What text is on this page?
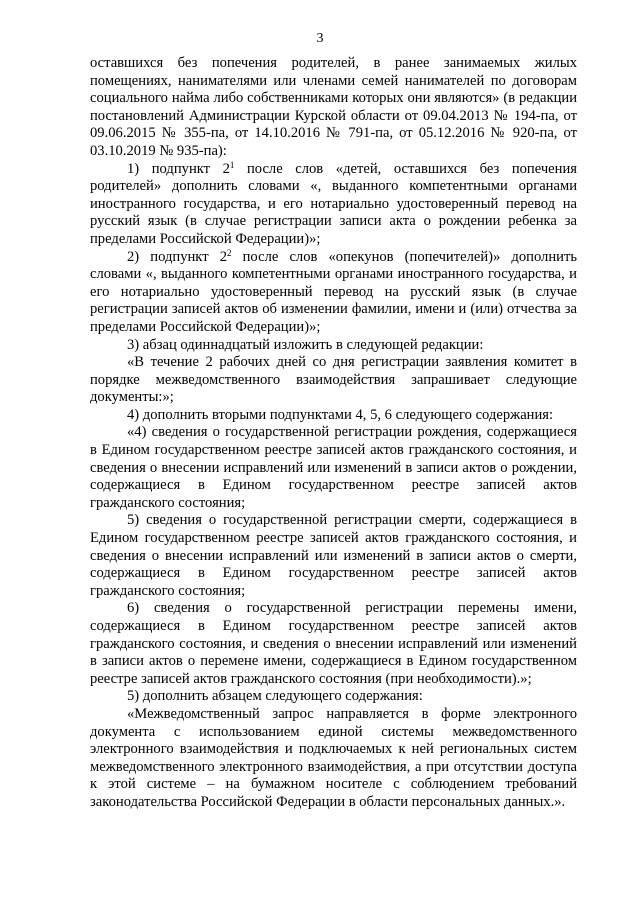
3

оставшихся без попечения родителей, в ранее занимаемых жилых помещениях, нанимателями или членами семей нанимателей по договорам социального найма либо собственниками которых они являются» (в редакции постановлений Администрации Курской области от 09.04.2013 № 194-па, от 09.06.2015 № 355-па, от 14.10.2016 № 791-па, от 05.12.2016 № 920-па, от 03.10.2019 № 935-па):

1) подпункт $2^1$ после слов «детей, оставшихся без попечения родителей» дополнить словами «, выданного компетентными органами иностранного государства, и его нотариально удостоверенный перевод на русский язык (в случае регистрации записи акта о рождении ребенка за пределами Российской Федерации)»;

2) подпункт $2^2$ после слов «опекунов (попечителей)» дополнить словами «, выданного компетентными органами иностранного государства, и его нотариально удостоверенный перевод на русский язык (в случае регистрации записей актов об изменении фамилии, имени и (или) отчества за пределами Российской Федерации)»;

3) абзац одиннадцатый изложить в следующей редакции:

«В течение 2 рабочих дней со дня регистрации заявления комитет в порядке межведомственного взаимодействия запрашивает следующие документы:»;

4) дополнить вторыми подпунктами 4, 5, 6 следующего содержания:

«4) сведения о государственной регистрации рождения, содержащиеся в Едином государственном реестре записей актов гражданского состояния, и сведения о внесении исправлений или изменений в записи актов о рождении, содержащиеся в Едином государственном реестре записей актов гражданского состояния;

5) сведения о государственной регистрации смерти, содержащиеся в Едином государственном реестре записей актов гражданского состояния, и сведения о внесении исправлений или изменений в записи актов о смерти, содержащиеся в Едином государственном реестре записей актов гражданского состояния;

6) сведения о государственной регистрации перемены имени, содержащиеся в Едином государственном реестре записей актов гражданского состояния, и сведения о внесении исправлений или изменений в записи актов о перемене имени, содержащиеся в Едином государственном реестре записей актов гражданского состояния (при необходимости).»;

5) дополнить абзацем следующего содержания:

«Межведомственный запрос направляется в форме электронного документа с использованием единой системы межведомственного электронного взаимодействия и подключаемых к ней региональных систем межведомственного электронного взаимодействия, а при отсутствии доступа к этой системе – на бумажном носителе с соблюдением требований законодательства Российской Федерации в области персональных данных.».
